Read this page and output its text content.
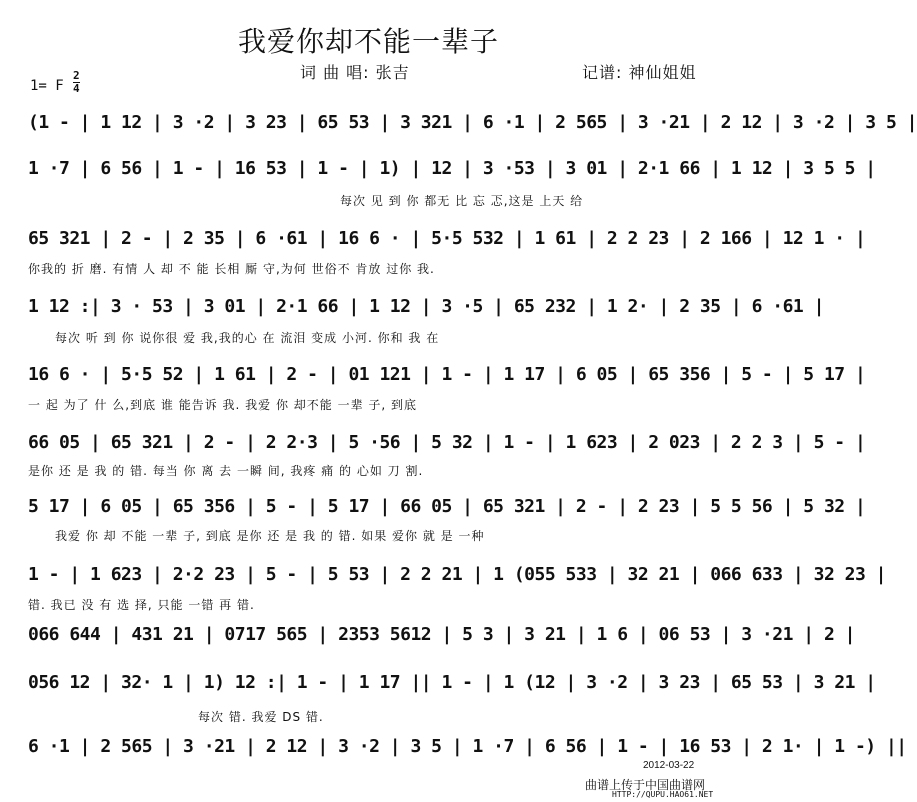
我爱你却不能一辈子
词 曲 唱: 张吉	记谱: 神仙姐姐
1= F
2
4
(1 - | 1 12 | 3 ·2 | 3 23 | 65 53 | 3 321 | 6 ·1 | 2 565 | 3 ·21 | 2 12 | 3 ·2 | 3 5 |
1 ·7 | 6 56 | 1 - | 16 53 | 1 - | 1) | 12 | 3 ·53 | 3 01 | 2·1 66 | 1 12 | 3 5 5 |
每次 见 到 你 都无 比 忘 忑,这是 上天 给
65 321 | 2 - | 2 35 | 6 ·61 | 16 6 · | 5·5 532 | 1 61 | 2 2 23 | 2 166 | 12 1 · |
你我的 折 磨. 有情 人 却 不 能 长相 厮 守,为何 世俗不 肯放 过你 我.
1 12 :| 3 · 53 | 3 01 | 2·1 66 | 1 12 | 3 ·5 | 65 232 | 1 2· | 2 35 | 6 ·61 |
每次 听 到 你 说你很 爱 我,我的心 在 流泪 变成 小河. 你和 我 在
16 6 · | 5·5 52 | 1 61 | 2 - | 01 121 | 1 - | 1 17 | 6 05 | 65 356 | 5 - | 5 17 |
一 起 为了 什 么,到底 谁 能告诉 我. 我爱 你 却不能 一辈 子, 到底
66 05 | 65 321 | 2 - | 2 2·3 | 5 ·56 | 5 32 | 1 - | 1 623 | 2 023 | 2 2 3 | 5 - |
是你 还 是 我 的 错. 每当 你 离 去 一瞬 间, 我疼 痛 的 心如 刀 割.
5 17 | 6 05 | 65 356 | 5 - | 5 17 | 66 05 | 65 321 | 2 - | 2 23 | 5 5 56 | 5 32 |
我爱 你 却 不能 一辈 子, 到底 是你 还 是 我 的 错. 如果 爱你 就 是 一种
1 - | 1 623 | 2·2 23 | 5 - | 5 53 | 2 2 21 | 1 (055 533 | 32 21 | 066 633 | 32 23 |
错. 我已 没 有 选 择, 只能 一错 再 错.
066 644 | 431 21 | 0717 565 | 2353 5612 | 5 3 | 3 21 | 1 6 | 06 53 | 3 ·21 | 2 |
056 12 | 32· 1 | 1) 12 :| 1 - | 1 17 || 1 - | 1 (12 | 3 ·2 | 3 23 | 65 53 | 3 21 |
每次 错. 我爱 DS 错.
6 ·1 | 2 565 | 3 ·21 | 2 12 | 3 ·2 | 3 5 | 1 ·7 | 6 56 | 1 - | 16 53 | 2 1· | 1 -) ||
2012-03-22
曲谱上传于中国曲谱网
HTTP://QUPU.HAO61.NET
